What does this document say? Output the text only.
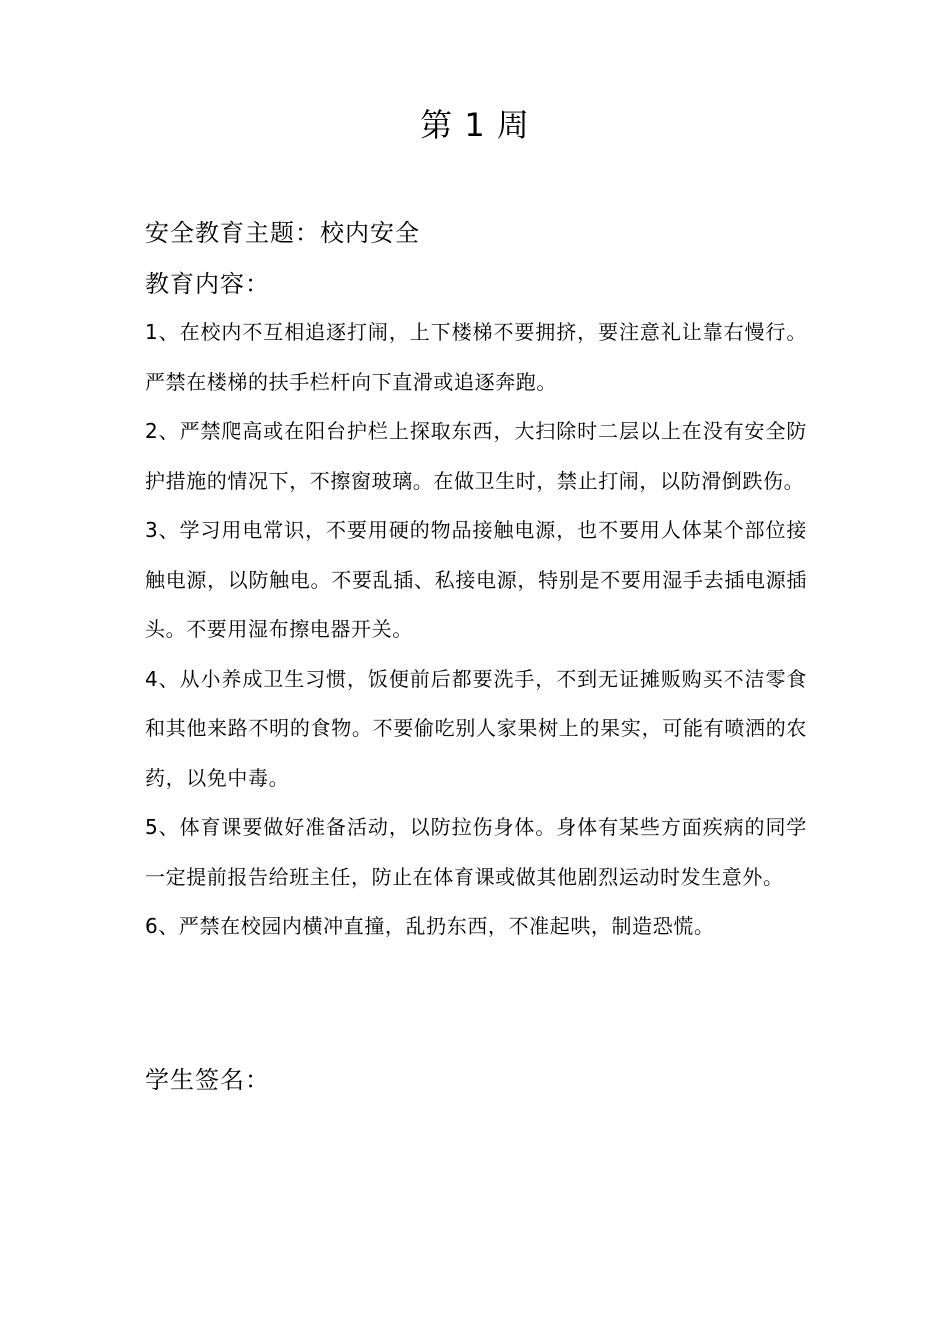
第 1 周
安全教育主题：校内安全
教育内容：

1、在校内不互相追逐打闹，上下楼梯不要拥挤，要注意礼让靠右慢行。严禁在楼梯的扶手栏杆向下直滑或追逐奔跑。

2、严禁爬高或在阳台护栏上探取东西，大扫除时二层以上在没有安全防护措施的情况下，不擦窗玻璃。在做卫生时，禁止打闹，以防滑倒跌伤。

3、学习用电常识，不要用硬的物品接触电源，也不要用人体某个部位接触电源，以防触电。不要乱插、私接电源，特别是不要用湿手去插电源插头。不要用湿布擦电器开关。

4、从小养成卫生习惯，饭便前后都要洗手，不到无证摊贩购买不洁零食和其他来路不明的食物。不要偷吃别人家果树上的果实，可能有喷洒的农药，以免中毒。

5、体育课要做好准备活动，以防拉伤身体。身体有某些方面疾病的同学一定提前报告给班主任，防止在体育课或做其他剧烈运动时发生意外。

6、严禁在校园内横冲直撞，乱扔东西，不准起哄，制造恐慌。

学生签名：
